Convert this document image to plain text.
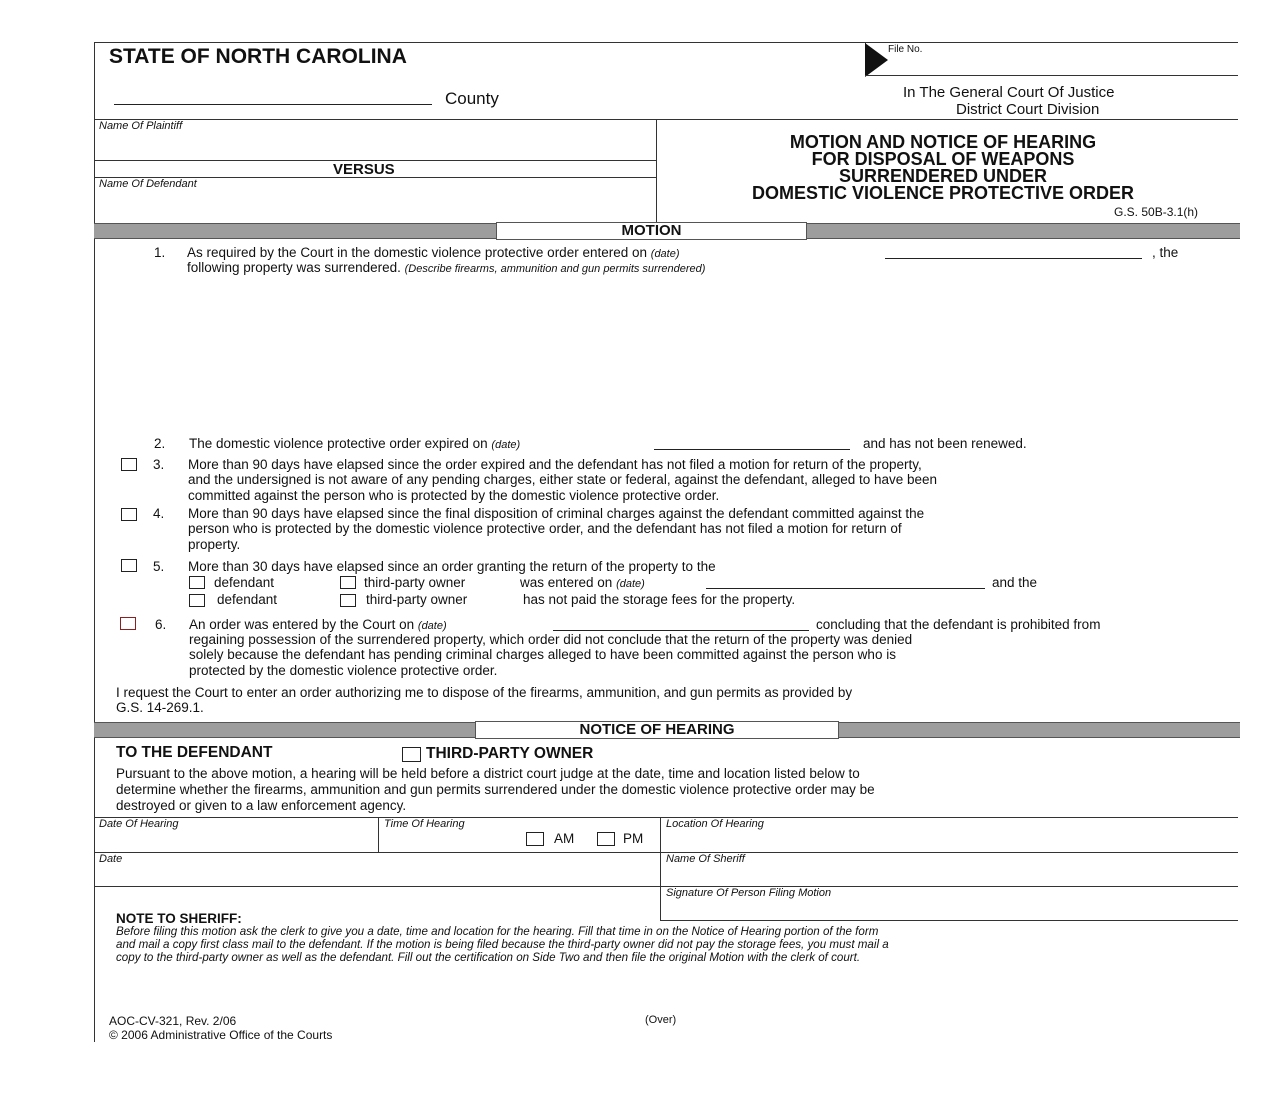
STATE OF NORTH CAROLINA
County
File No.
In The General Court Of Justice
District Court Division
Name Of Plaintiff
VERSUS
Name Of Defendant
MOTION AND NOTICE OF HEARING
FOR DISPOSAL OF WEAPONS
SURRENDERED UNDER
DOMESTIC VIOLENCE PROTECTIVE ORDER
G.S. 50B-3.1(h)
MOTION
1. As required by the Court in the domestic violence protective order entered on (date)	, the
following property was surrendered. (Describe firearms, ammunition and gun permits surrendered)
2. The domestic violence protective order expired on (date)	and has not been renewed.
3. More than 90 days have elapsed since the order expired and the defendant has not filed a motion for return of the property,
and the undersigned is not aware of any pending charges, either state or federal, against the defendant, alleged to have been
committed against the person who is protected by the domestic violence protective order.
4. More than 90 days have elapsed since the final disposition of criminal charges against the defendant committed against the
person who is protected by the domestic violence protective order, and the defendant has not filed a motion for return of
property.
5. More than 30 days have elapsed since an order granting the return of the property to the
defendant	third-party owner	was entered on (date)	and the
defendant	third-party owner	has not paid the storage fees for the property.
6. An order was entered by the Court on (date)	concluding that the defendant is prohibited from
regaining possession of the surrendered property, which order did not conclude that the return of the property was denied
solely because the defendant has pending criminal charges alleged to have been committed against the person who is
protected by the domestic violence protective order.
I request the Court to enter an order authorizing me to dispose of the firearms, ammunition, and gun permits as provided by
G.S. 14-269.1.
NOTICE OF HEARING
TO THE DEFENDANT	THIRD-PARTY OWNER
Pursuant to the above motion, a hearing will be held before a district court judge at the date, time and location listed below to
determine whether the firearms, ammunition and gun permits surrendered under the domestic violence protective order may be
destroyed or given to a law enforcement agency.
Date Of Hearing	Time Of Hearing
AM	PM
Location Of Hearing
Date	Name Of Sheriff
Signature Of Person Filing Motion
NOTE TO SHERIFF:
Before filing this motion ask the clerk to give you a date, time and location for the hearing. Fill that time in on the Notice of Hearing portion of the form
and mail a copy first class mail to the defendant. If the motion is being filed because the third-party owner did not pay the storage fees, you must mail a
copy to the third-party owner as well as the defendant. Fill out the certification on Side Two and then file the original Motion with the clerk of court.
AOC-CV-321, Rev. 2/06
© 2006 Administrative Office of the Courts
(Over)
